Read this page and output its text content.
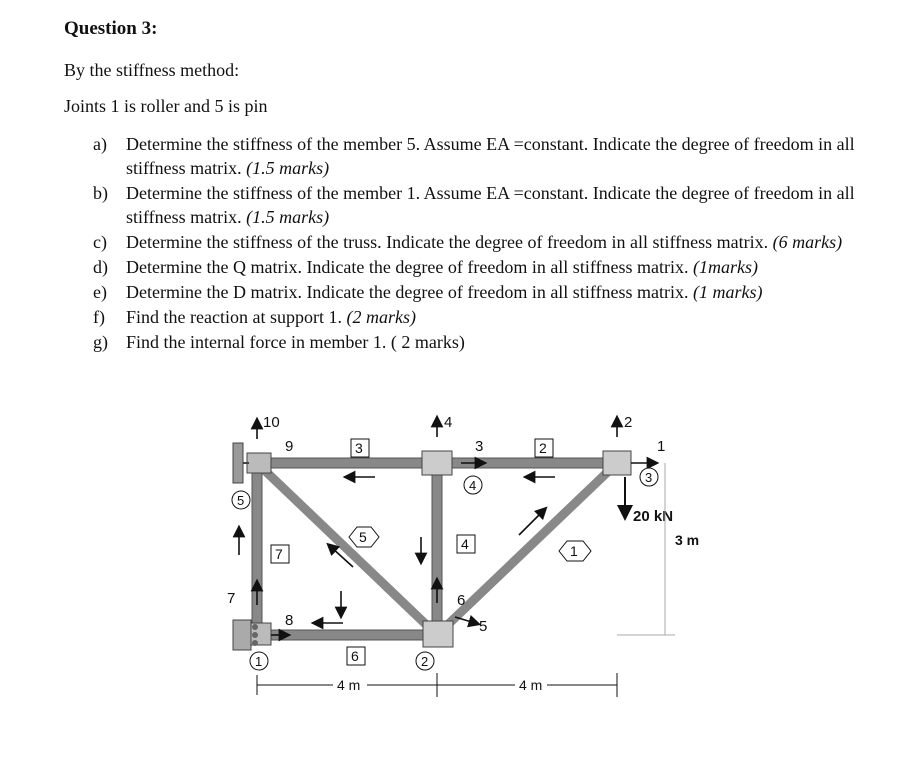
Question 3:
By the stiffness method:
Joints 1 is roller and 5 is pin
a) Determine the stiffness of the member 5. Assume EA =constant. Indicate the degree of freedom in all stiffness matrix. (1.5 marks)
b) Determine the stiffness of the member 1. Assume EA =constant. Indicate the degree of freedom in all stiffness matrix. (1.5 marks)
c) Determine the stiffness of the truss. Indicate the degree of freedom in all stiffness matrix. (6 marks)
d) Determine the Q matrix. Indicate the degree of freedom in all stiffness matrix. (1marks)
e) Determine the D matrix. Indicate the degree of freedom in all stiffness matrix. (1 marks)
f) Find the reaction at support 1. (2 marks)
g) Find the internal force in member 1. ( 2 marks)
10
9
4
3
2
1
7
8
6
5
3	2
4
7
6
1
5
5
4
3
1	2
20 kN
3 m
4 m	4 m
